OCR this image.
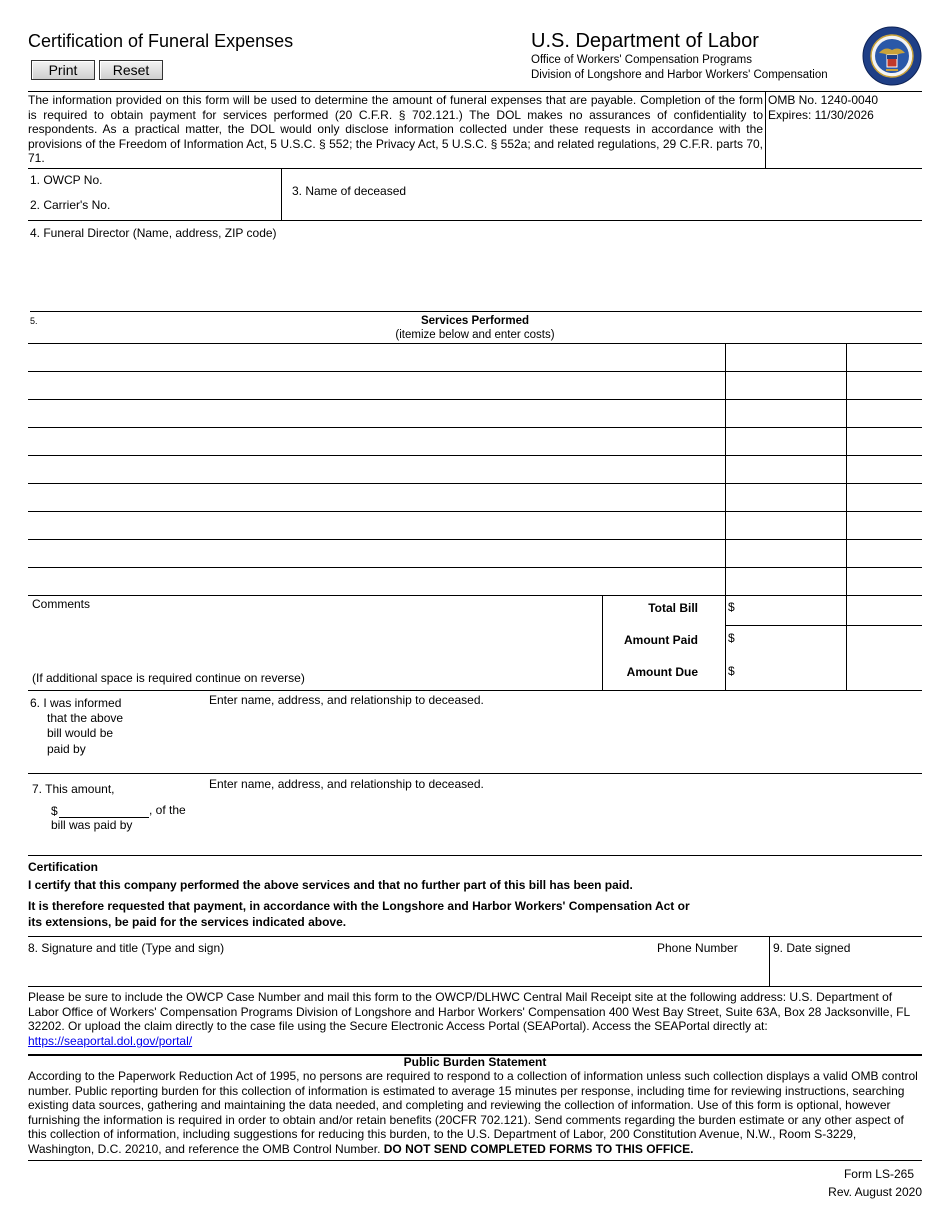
Certification of Funeral Expenses
Print	Reset
U.S. Department of Labor
Office of Workers' Compensation Programs
Division of Longshore and Harbor Workers' Compensation
The information provided on this form will be used to determine the amount of funeral expenses that are payable. Completion of the form is required to obtain payment for services performed (20 C.F.R. § 702.121.) The DOL makes no assurances of confidentiality to respondents. As a practical matter, the DOL would only disclose information collected under these requests in accordance with the provisions of the Freedom of Information Act, 5 U.S.C. § 552; the Privacy Act, 5 U.S.C. § 552a; and related regulations, 29 C.F.R. parts 70, 71.
OMB No. 1240-0040
Expires: 11/30/2026
1. OWCP No.
2. Carrier's No.
3. Name of deceased
4. Funeral Director (Name, address, ZIP code)
5.	Services Performed
(itemize below and enter costs)
Comments
(If additional space is required continue on reverse)
Total Bill	$
Amount Paid	$
Amount Due	$
6. I was informed
that the above
bill would be
paid by
Enter name, address, and relationship to deceased.
7. This amount,
$	, of the
bill was paid by
Enter name, address, and relationship to deceased.
Certification
I certify that this company performed the above services and that no further part of this bill has been paid.
It is therefore requested that payment, in accordance with the Longshore and Harbor Workers' Compensation Act or
its extensions, be paid for the services indicated above.
8. Signature and title (Type and sign)	Phone Number	9. Date signed
Please be sure to include the OWCP Case Number and mail this form to the OWCP/DLHWC Central Mail Receipt site at the following address: U.S. Department of Labor Office of Workers' Compensation Programs Division of Longshore and Harbor Workers' Compensation 400 West Bay Street, Suite 63A, Box 28 Jacksonville, FL 32202. Or upload the claim directly to the case file using the Secure Electronic Access Portal (SEAPortal). Access the SEAPortal directly at:
https://seaportal.dol.gov/portal/
Public Burden Statement
According to the Paperwork Reduction Act of 1995, no persons are required to respond to a collection of information unless such collection displays a valid OMB control number. Public reporting burden for this collection of information is estimated to average 15 minutes per response, including time for reviewing instructions, searching existing data sources, gathering and maintaining the data needed, and completing and reviewing the collection of information. Use of this form is optional, however furnishing the information is required in order to obtain and/or retain benefits (20CFR 702.121). Send comments regarding the burden estimate or any other aspect of this collection of information, including suggestions for reducing this burden, to the U.S. Department of Labor, 200 Constitution Avenue, N.W., Room S-3229, Washington, D.C. 20210, and reference the OMB Control Number. DO NOT SEND COMPLETED FORMS TO THIS OFFICE.
Form LS-265
Rev. August 2020
